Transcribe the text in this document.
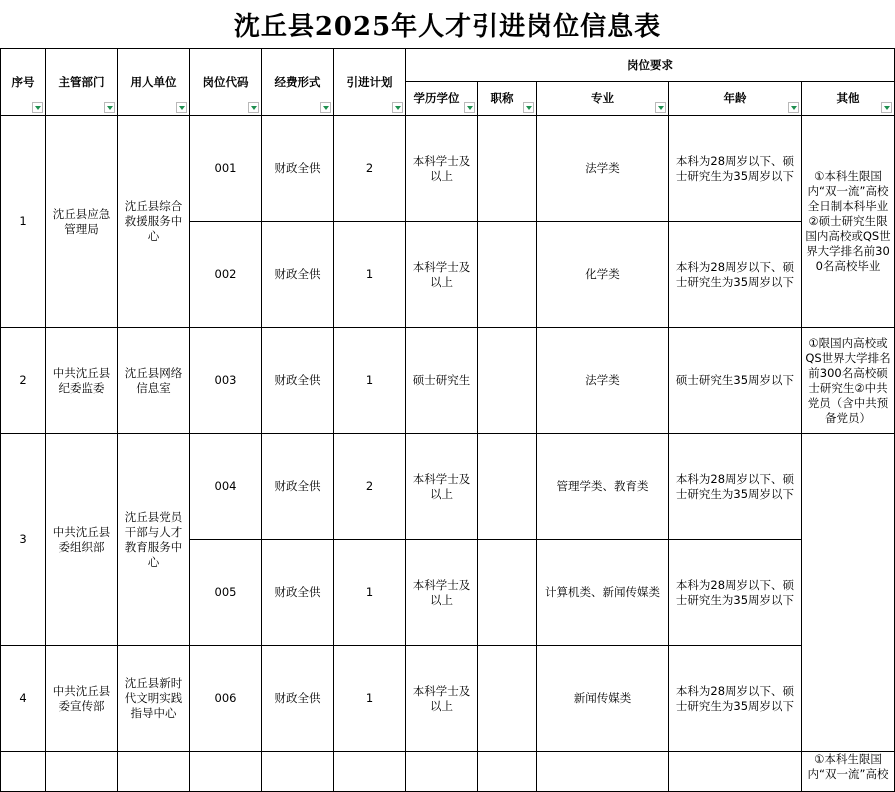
沈丘县2025年人才引进岗位信息表
序号	主管部门	用人单位	岗位代码	经费形式	引进计划	岗位要求				
						学历学位	职称	专业	年龄	其他

1	沈丘县应急管理局	沈丘县综合救援服务中心	001	财政全供	2	本科学士及以上		法学类	本科为28周岁以下、硕士研究生为35周岁以下	①本科生限国内“双一流”高校全日制本科毕业②硕士研究生限国内高校或QS世界大学排名前300名高校毕业
			002	财政全供	1	本科学士及以上		化学类	本科为28周岁以下、硕士研究生为35周岁以下	
2	中共沈丘县纪委监委	沈丘县网络信息室	003	财政全供	1	硕士研究生		法学类	硕士研究生35周岁以下	①限国内高校或QS世界大学排名前300名高校硕士研究生②中共党员（含中共预备党员）
3	中共沈丘县委组织部	沈丘县党员干部与人才教育服务中心	004	财政全供	2	本科学士及以上		管理学类、教育类	本科为28周岁以下、硕士研究生为35周岁以下	
			005	财政全供	1	本科学士及以上		计算机类、新闻传媒类	本科为28周岁以下、硕士研究生为35周岁以下	
4	中共沈丘县委宣传部	沈丘县新时代文明实践指导中心	006	财政全供	1	本科学士及以上		新闻传媒类	本科为28周岁以下、硕士研究生为35周岁以下	
										①本科生限国内“双一流”高校
